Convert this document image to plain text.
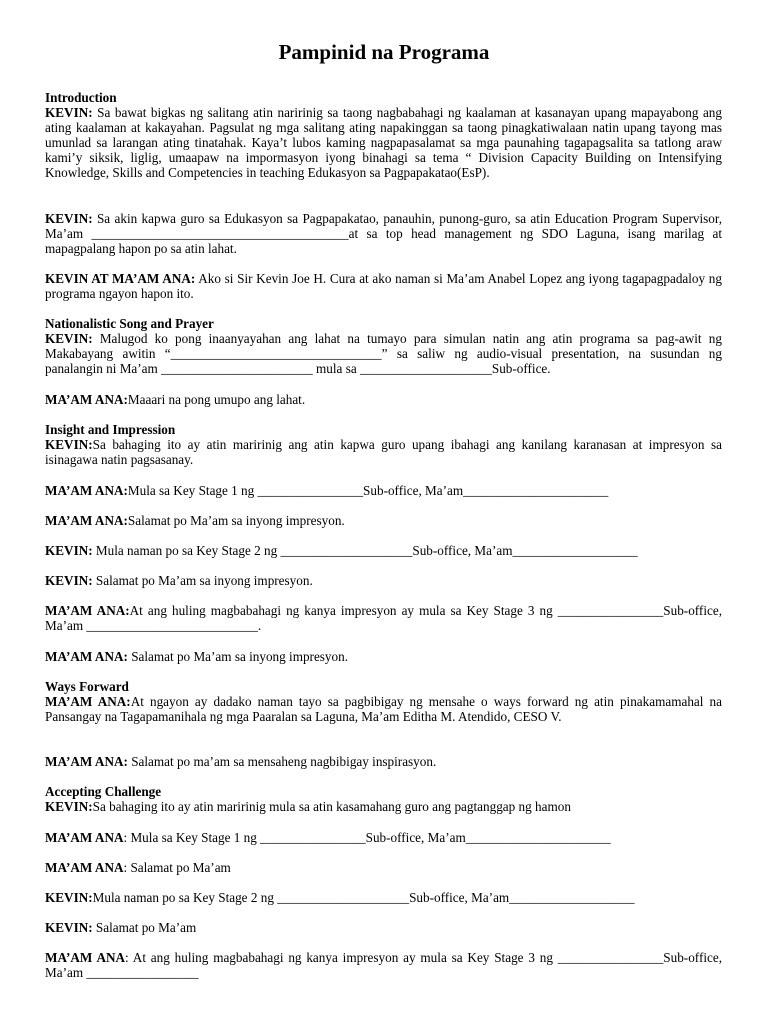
Pampinid na Programa
Introduction
KEVIN: Sa bawat bigkas ng salitang atin naririnig sa taong nagbabahagi ng kaalaman at kasanayan upang mapayabong ang ating kaalaman at kakayahan. Pagsulat ng mga salitang ating napakinggan sa taong pinagkatiwalaan natin upang tayong mas umunlad sa larangan ating tinatahak. Kaya’t lubos kaming nagpapasalamat sa mga paunahing tagapagsalita sa tatlong araw kami’y siksik, liglig, umaapaw na impormasyon iyong binahagi sa tema “ Division Capacity Building on Intensifying Knowledge, Skills and Competencies in teaching Edukasyon sa Pagpapakatao(EsP).
KEVIN: Sa akin kapwa guro sa Edukasyon sa Pagpapakatao, panauhin, punong-guro, sa atin Education Program Supervisor, Ma’am _______________________________________at sa top head management ng SDO Laguna, isang marilag at mapagpalang hapon po sa atin lahat.
KEVIN AT MA’AM ANA: Ako si Sir Kevin Joe H. Cura at ako naman si Ma’am Anabel Lopez ang iyong tagapagpadaloy ng programa ngayon hapon ito.
Nationalistic Song and Prayer
KEVIN: Malugod ko pong inaanyayahan ang lahat na tumayo para simulan natin ang atin programa sa pag-awit ng Makabayang awitin “________________________________” sa saliw ng audio-visual presentation, na susundan ng panalangin ni Ma’am _______________________ mula sa ____________________Sub-office.
MA’AM ANA:Maaari na pong umupo ang lahat.
Insight and Impression
KEVIN:Sa bahaging ito ay atin maririnig ang atin kapwa guro upang ibahagi ang kanilang karanasan at impresyon sa isinagawa natin pagsasanay.
MA’AM ANA:Mula sa Key Stage 1 ng ________________Sub-office, Ma’am______________________
MA’AM ANA:Salamat po Ma’am sa inyong impresyon.
KEVIN: Mula naman po sa Key Stage 2 ng ____________________Sub-office, Ma’am___________________
KEVIN: Salamat po Ma’am sa inyong impresyon.
MA’AM ANA:At ang huling magbabahagi ng kanya impresyon ay mula sa Key Stage 3 ng ________________Sub-office, Ma’am __________________________.
MA’AM ANA: Salamat po Ma’am sa inyong impresyon.
Ways Forward
MA’AM ANA:At ngayon ay dadako naman tayo sa pagbibigay ng mensahe o ways forward ng atin pinakamamahal na Pansangay na Tagapamanihala ng mga Paaralan sa Laguna, Ma’am Editha M. Atendido, CESO V.
MA’AM ANA: Salamat po ma’am sa mensaheng nagbibigay inspirasyon.
Accepting Challenge
KEVIN:Sa bahaging ito ay atin maririnig mula sa atin kasamahang guro ang pagtanggap ng hamon
MA’AM ANA: Mula sa Key Stage 1 ng ________________Sub-office, Ma’am______________________
MA’AM ANA: Salamat po Ma’am
KEVIN:Mula naman po sa Key Stage 2 ng ____________________Sub-office, Ma’am___________________
KEVIN: Salamat po Ma’am
MA’AM ANA: At ang huling magbabahagi ng kanya impresyon ay mula sa Key Stage 3 ng ________________Sub-office, Ma’am _________________
